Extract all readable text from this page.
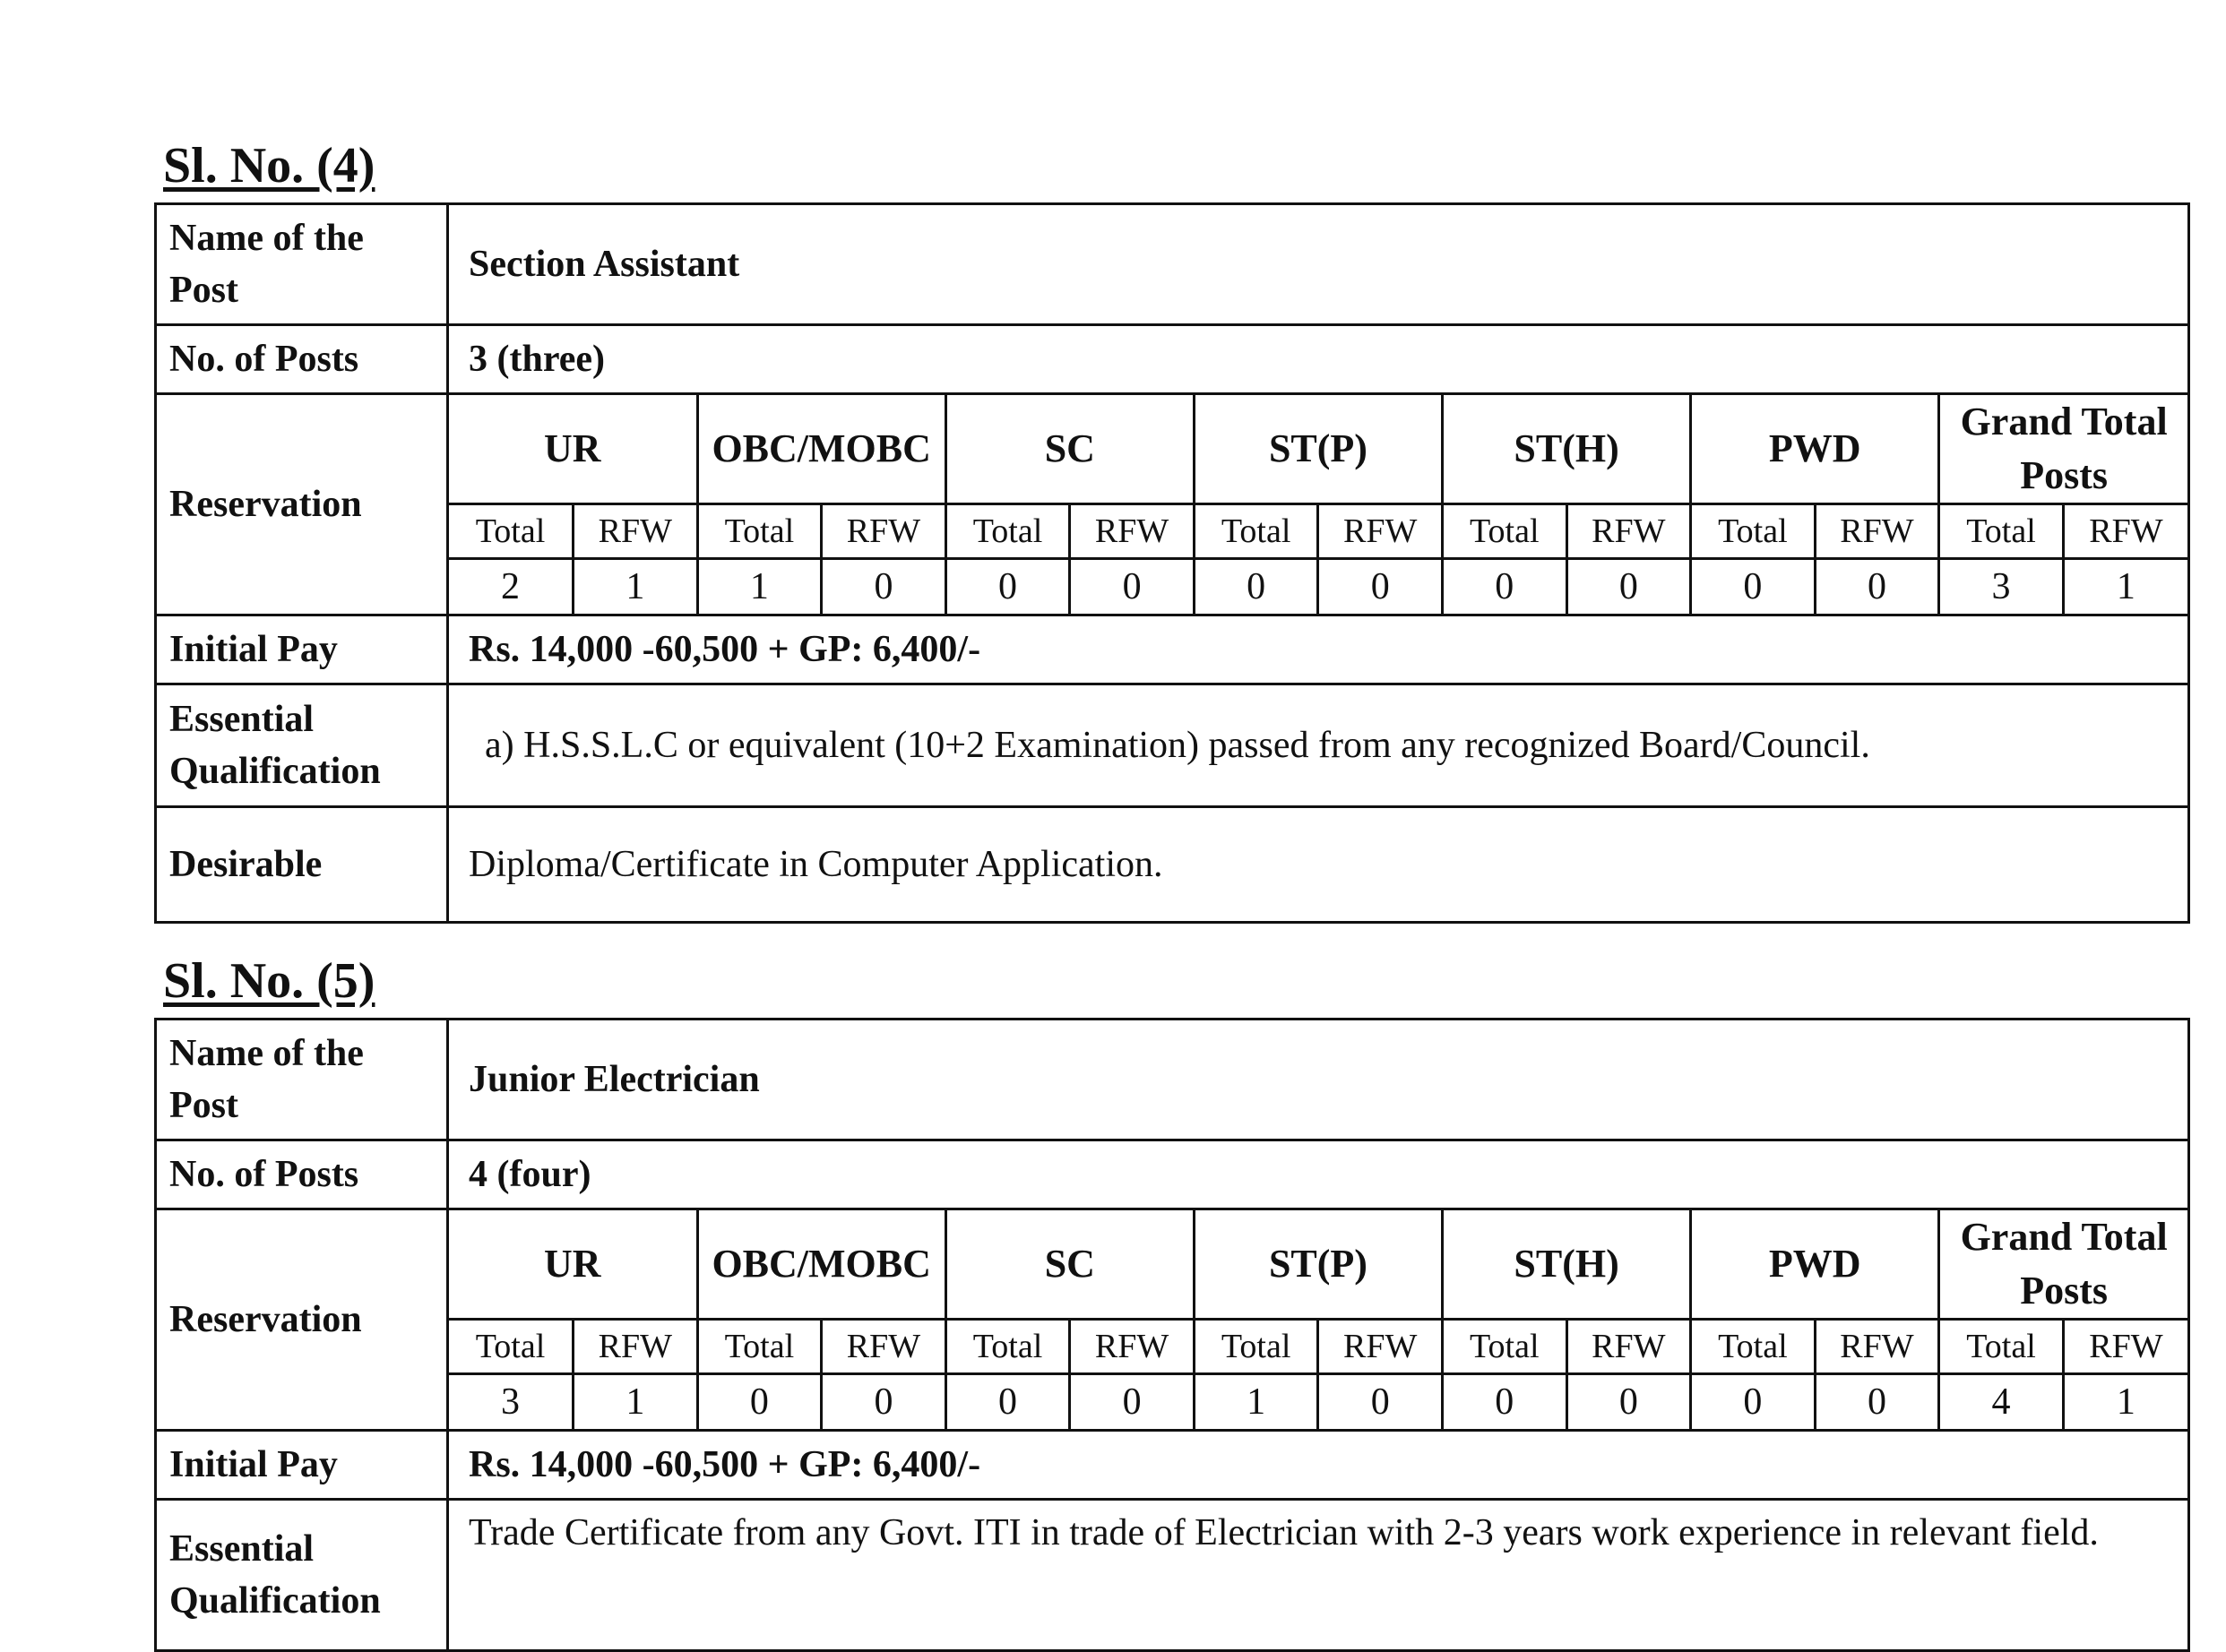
Sl. No. (4)
Name of the Post	Section Assistant
No. of Posts	3 (three)
Reservation	
UR	OBC/MOBC	SC	ST(P)	ST(H)	PWD	Grand Total Posts
Total	RFW	Total	RFW	Total	RFW	Total	RFW	Total	RFW	Total	RFW	Total	RFW
2	1	1	0	0	0	0	0	0	0	0	0	3	1

Initial Pay	Rs. 14,000 -60,500 + GP: 6,400/-
Essential Qualification	a) H.S.S.L.C or equivalent (10+2 Examination) passed from any recognized Board/Council.
Desirable	Diploma/Certificate in Computer Application.
Sl. No. (5)
Name of the Post	Junior Electrician
No. of Posts	4 (four)
Reservation	
UR	OBC/MOBC	SC	ST(P)	ST(H)	PWD	Grand Total Posts
Total	RFW	Total	RFW	Total	RFW	Total	RFW	Total	RFW	Total	RFW	Total	RFW
3	1	0	0	0	0	1	0	0	0	0	0	4	1

Initial Pay	Rs. 14,000 -60,500 + GP: 6,400/-
Essential Qualification	Trade Certificate from any Govt. ITI in trade of Electrician with 2-3 years work experience in relevant field.
